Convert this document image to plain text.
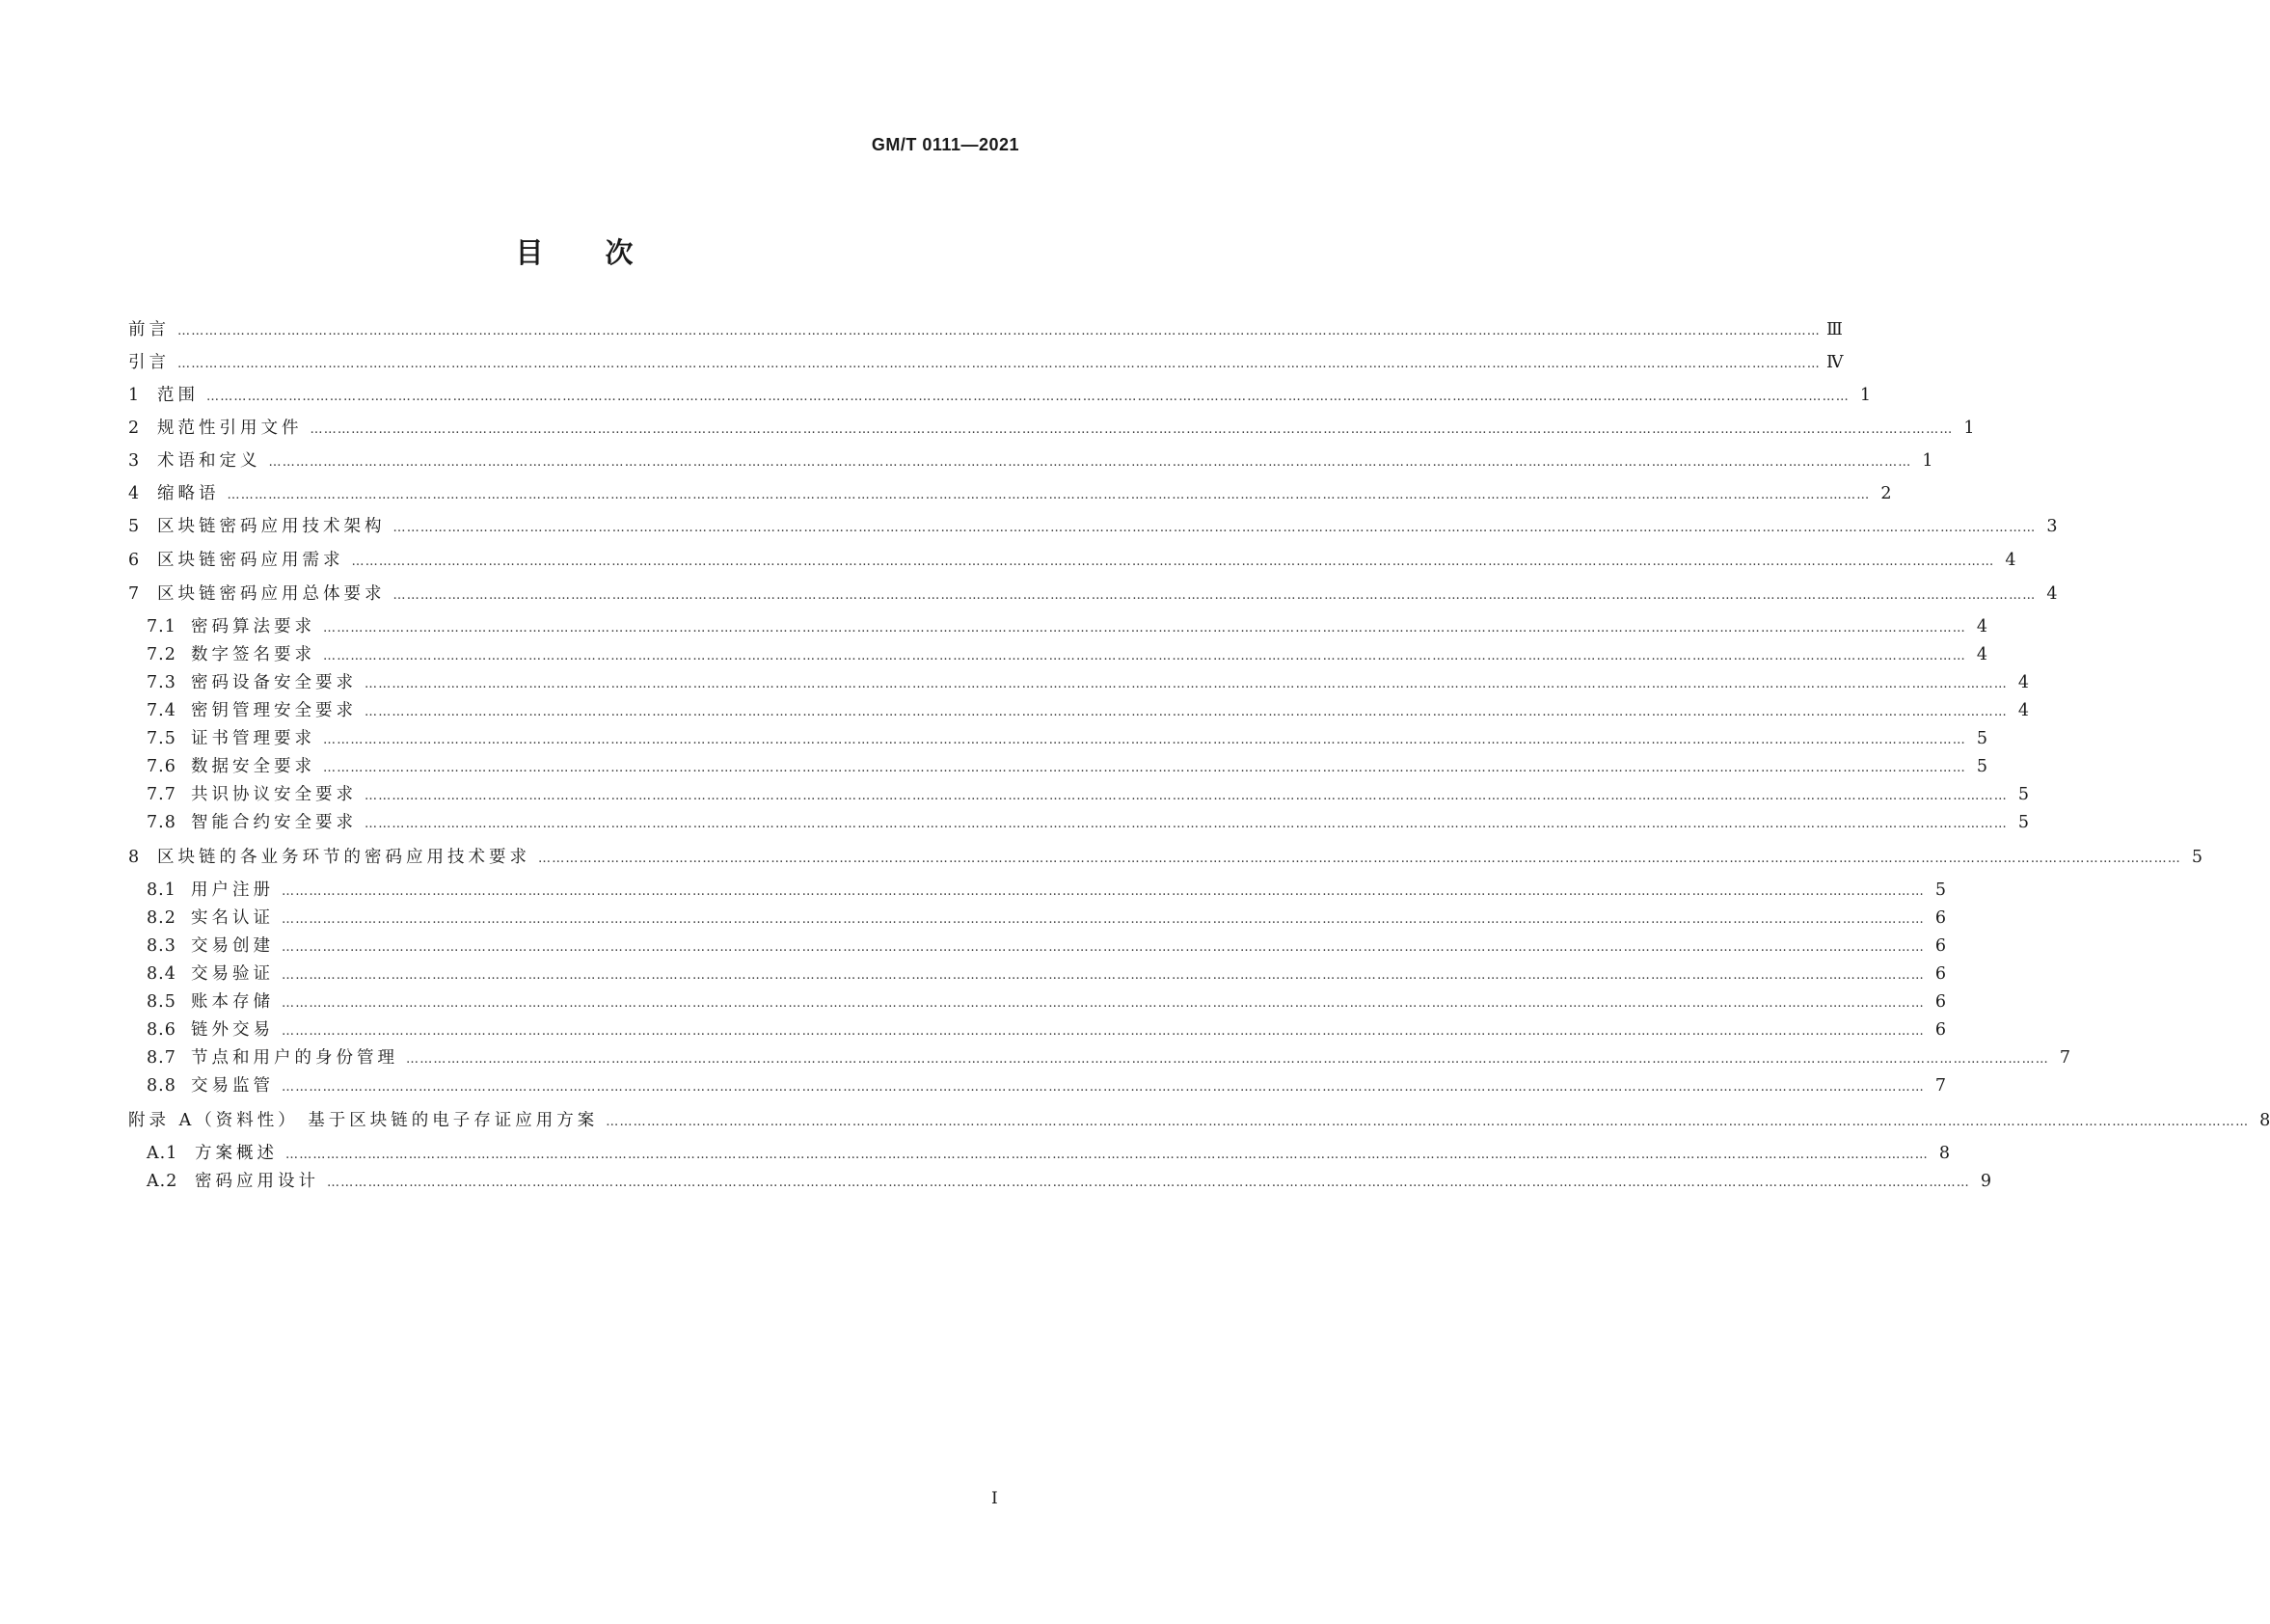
GM/T 0111—2021
目 次
前言 ……………………………………………………………………………………………………………………………………………………………………………………………………………………………………………………………………………………………………………………………… Ⅲ
引言 ……………………………………………………………………………………………………………………………………………………………………………………………………………………………………………………………………………………………………………………………… Ⅳ
1	范围 ……………………………………………………………………………………………………………………………………………………………………………………………………………………………………………………………………………………………………………………………… 1
2	规范性引用文件 ……………………………………………………………………………………………………………………………………………………………………………………………………………………………………………………………………………………………………………………………… 1
3	术语和定义 ……………………………………………………………………………………………………………………………………………………………………………………………………………………………………………………………………………………………………………………………… 1
4	缩略语 ……………………………………………………………………………………………………………………………………………………………………………………………………………………………………………………………………………………………………………………………… 2
5	区块链密码应用技术架构 ……………………………………………………………………………………………………………………………………………………………………………………………………………………………………………………………………………………………………………………………… 3
6	区块链密码应用需求 ……………………………………………………………………………………………………………………………………………………………………………………………………………………………………………………………………………………………………………………………… 4
7	区块链密码应用总体要求 ……………………………………………………………………………………………………………………………………………………………………………………………………………………………………………………………………………………………………………………………… 4
7.1 密码算法要求 ……………………………………………………………………………………………………………………………………………………………………………………………………………………………………………………………………………………………………………………………… 4
7.2 数字签名要求 ……………………………………………………………………………………………………………………………………………………………………………………………………………………………………………………………………………………………………………………………… 4
7.3 密码设备安全要求 ……………………………………………………………………………………………………………………………………………………………………………………………………………………………………………………………………………………………………………………………… 4
7.4 密钥管理安全要求 ……………………………………………………………………………………………………………………………………………………………………………………………………………………………………………………………………………………………………………………………… 4
7.5 证书管理要求 ……………………………………………………………………………………………………………………………………………………………………………………………………………………………………………………………………………………………………………………………… 5
7.6 数据安全要求 ……………………………………………………………………………………………………………………………………………………………………………………………………………………………………………………………………………………………………………………………… 5
7.7 共识协议安全要求 ……………………………………………………………………………………………………………………………………………………………………………………………………………………………………………………………………………………………………………………………… 5
7.8 智能合约安全要求 ……………………………………………………………………………………………………………………………………………………………………………………………………………………………………………………………………………………………………………………………… 5
8	区块链的各业务环节的密码应用技术要求 ……………………………………………………………………………………………………………………………………………………………………………………………………………………………………………………………………………………………………………………………… 5
8.1 用户注册 ……………………………………………………………………………………………………………………………………………………………………………………………………………………………………………………………………………………………………………………………… 5
8.2 实名认证 ……………………………………………………………………………………………………………………………………………………………………………………………………………………………………………………………………………………………………………………………… 6
8.3 交易创建 ……………………………………………………………………………………………………………………………………………………………………………………………………………………………………………………………………………………………………………………………… 6
8.4 交易验证 ……………………………………………………………………………………………………………………………………………………………………………………………………………………………………………………………………………………………………………………………… 6
8.5 账本存储 ……………………………………………………………………………………………………………………………………………………………………………………………………………………………………………………………………………………………………………………………… 6
8.6 链外交易 ……………………………………………………………………………………………………………………………………………………………………………………………………………………………………………………………………………………………………………………………… 6
8.7 节点和用户的身份管理 ……………………………………………………………………………………………………………………………………………………………………………………………………………………………………………………………………………………………………………………………… 7
8.8 交易监管 ……………………………………………………………………………………………………………………………………………………………………………………………………………………………………………………………………………………………………………………………… 7
附录 A（资料性） 基于区块链的电子存证应用方案 ……………………………………………………………………………………………………………………………………………………………………………………………………………………………………………………………………………………………………………………………… 8
A.1	方案概述 ……………………………………………………………………………………………………………………………………………………………………………………………………………………………………………………………………………………………………………………………… 8
A.2	密码应用设计 ……………………………………………………………………………………………………………………………………………………………………………………………………………………………………………………………………………………………………………………………… 9
I
